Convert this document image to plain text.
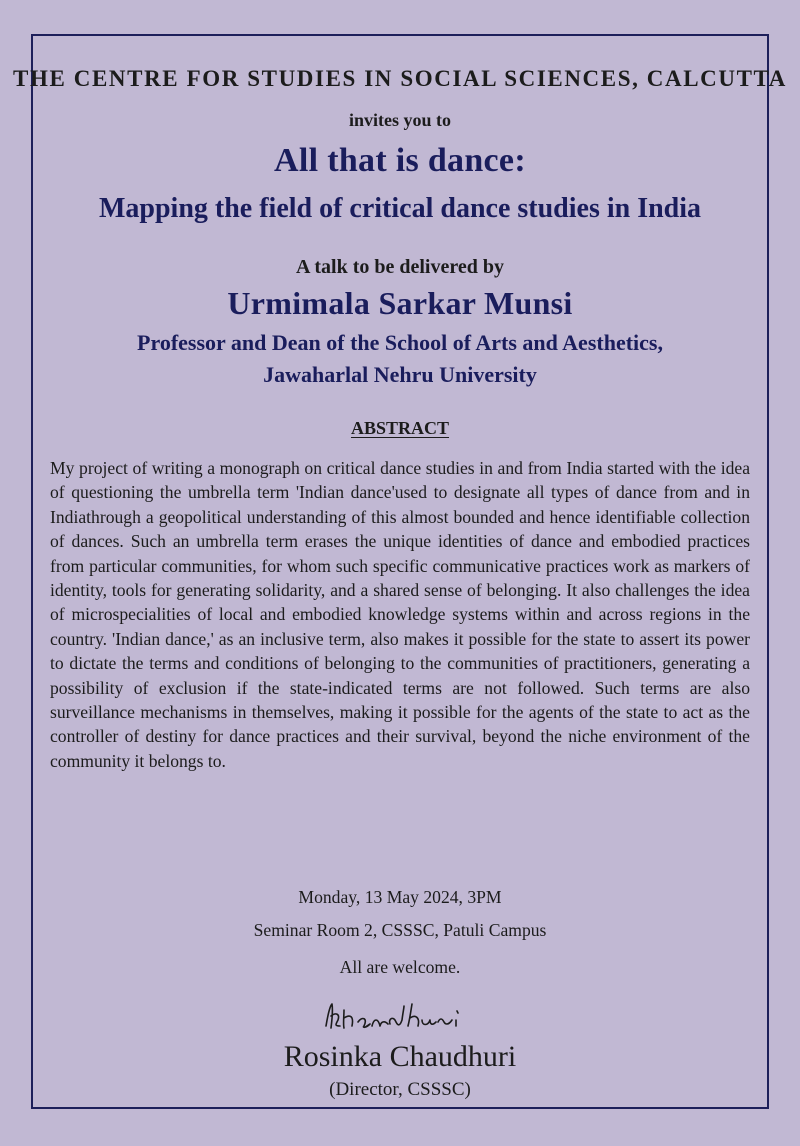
THE CENTRE FOR STUDIES IN SOCIAL SCIENCES, CALCUTTA
invites you to
All that is dance:
Mapping the field of critical dance studies in India
A talk to be delivered by
Urmimala Sarkar Munsi
Professor and Dean of the School of Arts and Aesthetics,
Jawaharlal Nehru University
ABSTRACT

My project of writing a monograph on critical dance studies in and from India started with the idea of questioning the umbrella term 'Indian dance'used to designate all types of dance from and in Indiathrough a geopolitical understanding of this almost bounded and hence identifiable collection of dances. Such an umbrella term erases the unique identities of dance and embodied practices from particular communities, for whom such specific communicative practices work as markers of identity, tools for generating solidarity, and a shared sense of belonging. It also challenges the idea of microspecialities of local and embodied knowledge systems within and across regions in the country. 'Indian dance,' as an inclusive term, also makes it possible for the state to assert its power to dictate the terms and conditions of belonging to the communities of practitioners, generating a possibility of exclusion if the state-indicated terms are not followed. Such terms are also surveillance mechanisms in themselves, making it possible for the agents of the state to act as the controller of destiny for dance practices and their survival, beyond the niche environment of the community it belongs to.

Monday, 13 May 2024, 3PM
Seminar Room 2, CSSSC, Patuli Campus
All are welcome.
Rosinka Chaudhuri
(Director, CSSSC)
